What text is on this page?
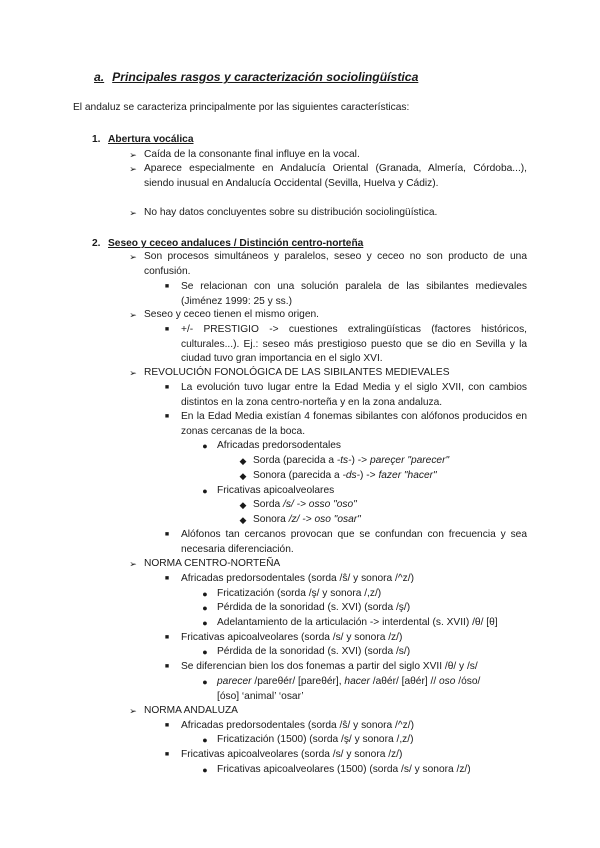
a. Principales rasgos y caracterización sociolingüística
El andaluz se caracteriza principalmente por las siguientes características:
1. Abertura vocálica
➢ Caída de la consonante final influye en la vocal.
➢ Aparece especialmente en Andalucía Oriental (Granada, Almería, Córdoba...), siendo inusual en Andalucía Occidental (Sevilla, Huelva y Cádiz).
➢ No hay datos concluyentes sobre su distribución sociolingüística.
2. Seseo y ceceo andaluces / Distinción centro-norteña
➢ Son procesos simultáneos y paralelos, seseo y ceceo no son producto de una confusión.
■	Se relacionan con una solución paralela de las sibilantes medievales (Jiménez 1999: 25 y ss.)
➢ Seseo y ceceo tienen el mismo origen.
■	+/- PRESTIGIO -> cuestiones extralingüísticas (factores históricos, culturales...). Ej.: seseo más prestigioso puesto que se dio en Sevilla y la ciudad tuvo gran importancia en el siglo XVI.
➢ REVOLUCIÓN FONOLÓGICA DE LAS SIBILANTES MEDIEVALES
■	La evolución tuvo lugar entre la Edad Media y el siglo XVII, con cambios distintos en la zona centro-norteña y en la zona andaluza.
■	En la Edad Media existían 4 fonemas sibilantes con alófonos producidos en zonas cercanas de la boca.
● Africadas predorsodentales
◆ Sorda (parecida a -ts-) -> pareçer "parecer"
◆ Sonora (parecida a -ds-) -> fazer "hacer"
● Fricativas apicoalveolares
◆ Sorda /s/ -> osso "oso"
◆ Sonora /z/ -> oso "osar"
■	Alófonos tan cercanos provocan que se confundan con frecuencia y sea necesaria diferenciación.
➢ NORMA CENTRO-NORTEÑA
■	Africadas predorsodentales (sorda /ŝ/ y sonora /^z/)
● Fricatización (sorda /ş/ y sonora /,z/)
● Pérdida de la sonoridad (s. XVI) (sorda /ş/)
● Adelantamiento de la articulación -> interdental (s. XVII) /θ/ [θ]
■	Fricativas apicoalveolares (sorda /s/ y sonora /z/)
● Pérdida de la sonoridad (s. XVI) (sorda /s/)
■	Se diferencian bien los dos fonemas a partir del siglo XVII /θ/ y /s/
● parecer /pareθér/ [pareθér], hacer /aθér/ [aθér] // oso /óso/
[óso] ‘animal’ ‘osar’
➢ NORMA ANDALUZA
■	Africadas predorsodentales (sorda /ŝ/ y sonora /^z/)
● Fricatización (1500) (sorda /ş/ y sonora /,z/)
■	Fricativas apicoalveolares (sorda /s/ y sonora /z/)
● Fricativas apicoalveolares (1500) (sorda /s/ y sonora /z/)
